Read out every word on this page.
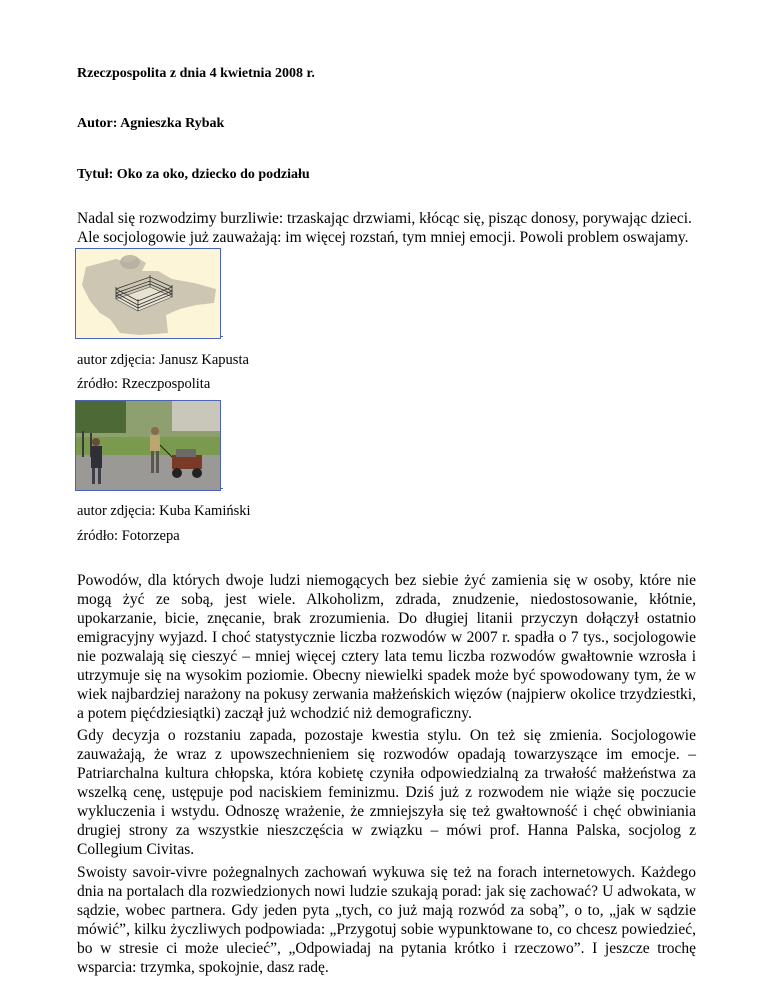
Rzeczpospolita z dnia 4 kwietnia 2008 r.
Autor: Agnieszka Rybak
Tytuł: Oko za oko, dziecko do podziału
Nadal się rozwodzimy burzliwie: trzaskając drzwiami, kłócąc się, pisząc donosy, porywając dzieci.
Ale socjologowie już zauważają: im więcej rozstań, tym mniej emocji. Powoli problem oswajamy.
autor zdjęcia: Janusz Kapusta
źródło: Rzeczpospolita
autor zdjęcia: Kuba Kamiński
źródło: Fotorzepa
Powodów, dla których dwoje ludzi niemogących bez siebie żyć zamienia się w osoby, które nie
mogą żyć ze sobą, jest wiele. Alkoholizm, zdrada, znudzenie, niedostosowanie, kłótnie,
upokarzanie, bicie, znęcanie, brak zrozumienia. Do długiej litanii przyczyn dołączył ostatnio
emigracyjny wyjazd. I choć statystycznie liczba rozwodów w 2007 r. spadła o 7 tys., socjologowie
nie pozwalają się cieszyć – mniej więcej cztery lata temu liczba rozwodów gwałtownie wzrosła i
utrzymuje się na wysokim poziomie. Obecny niewielki spadek może być spowodowany tym, że w
wiek najbardziej narażony na pokusy zerwania małżeńskich więzów (najpierw okolice trzydziestki,
a potem pięćdziesiątki) zaczął już wchodzić niż demograficzny.
Gdy decyzja o rozstaniu zapada, pozostaje kwestia stylu. On też się zmienia. Socjologowie
zauważają, że wraz z upowszechnieniem się rozwodów opadają towarzyszące im emocje. –
Patriarchalna kultura chłopska, która kobietę czyniła odpowiedzialną za trwałość małżeństwa za
wszelką cenę, ustępuje pod naciskiem feminizmu. Dziś już z rozwodem nie wiąże się poczucie
wykluczenia i wstydu. Odnoszę wrażenie, że zmniejszyła się też gwałtowność i chęć obwiniania
drugiej strony za wszystkie nieszczęścia w związku – mówi prof. Hanna Palska, socjolog z
Collegium Civitas.
Swoisty savoir-vivre pożegnalnych zachowań wykuwa się też na forach internetowych. Każdego
dnia na portalach dla rozwiedzionych nowi ludzie szukają porad: jak się zachować? U adwokata, w
sądzie, wobec partnera. Gdy jeden pyta „tych, co już mają rozwód za sobą”, o to, „jak w sądzie
mówić”, kilku życzliwych podpowiada: „Przygotuj sobie wypunktowane to, co chcesz powiedzieć,
bo w stresie ci może ulecieć”, „Odpowiadaj na pytania krótko i rzeczowo”. I jeszcze trochę
wsparcia: trzymka, spokojnie, dasz radę.
